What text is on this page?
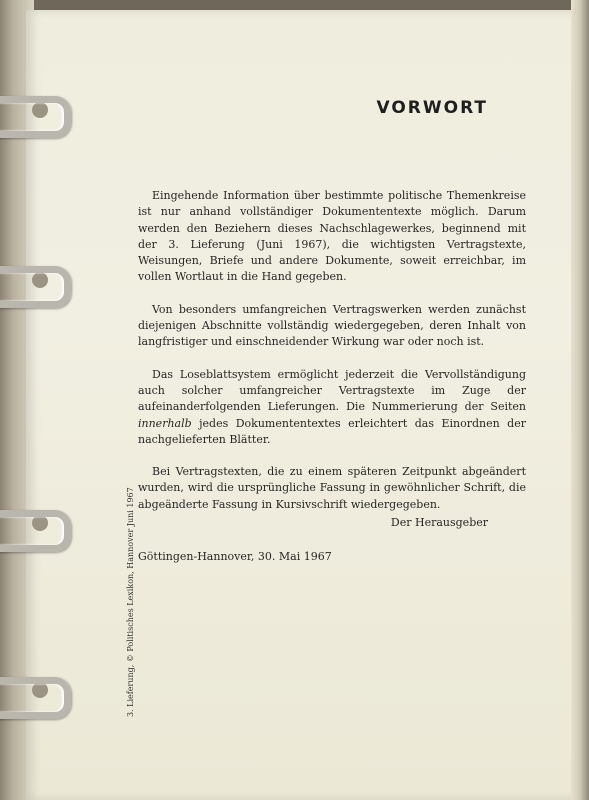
VORWORT

Eingehende Information über bestimmte politische Themenkreise ist nur anhand vollständiger Dokumententexte möglich. Darum werden den Beziehern dieses Nachschlagewerkes, beginnend mit der 3. Lieferung (Juni 1967), die wichtigsten Vertragstexte, Weisungen, Briefe und andere Dokumente, soweit erreichbar, im vollen Wortlaut in die Hand gegeben.

Von besonders umfangreichen Vertragswerken werden zunächst diejenigen Abschnitte vollständig wiedergegeben, deren Inhalt von langfristiger und einschneidender Wirkung war oder noch ist.

Das Loseblattsystem ermöglicht jederzeit die Vervollständigung auch solcher umfangreicher Vertragstexte im Zuge der aufeinanderfolgenden Lieferungen. Die Nummerierung der Seiten innerhalb jedes Dokumententextes erleichtert das Einordnen der nachgelieferten Blätter.

Bei Vertragstexten, die zu einem späteren Zeitpunkt abgeändert wurden, wird die ursprüngliche Fassung in gewöhnlicher Schrift, die abgeänderte Fassung in Kursivschrift wiedergegeben.

Der Herausgeber
Göttingen-Hannover, 30. Mai 1967
3. Lieferung, © Politisches Lexikon, Hannover Juni 1967
